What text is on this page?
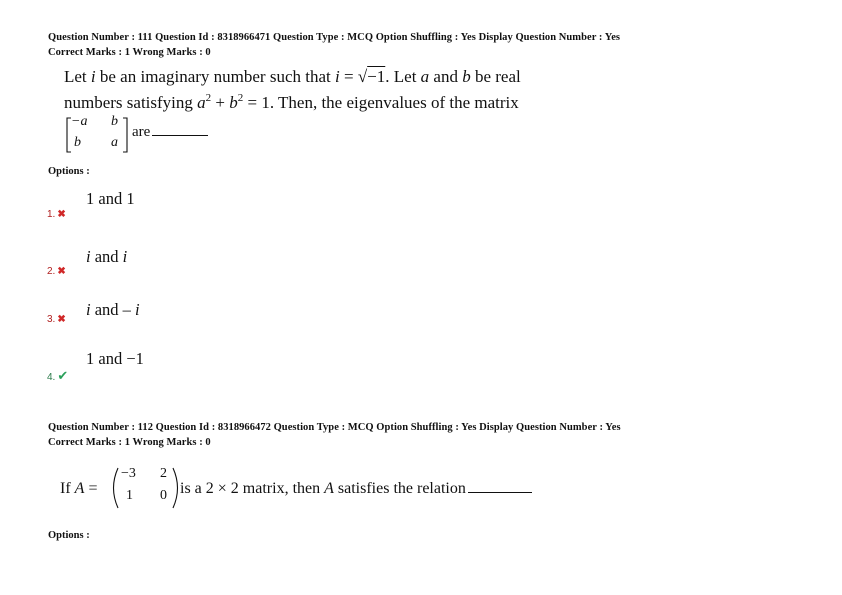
Question Number : 111 Question Id : 8318966471 Question Type : MCQ Option Shuffling : Yes Display Question Number : Yes
Correct Marks : 1 Wrong Marks : 0
Let i be an imaginary number such that i = √−1. Let a and b be real
numbers satisfying $a^2 + b^2 = 1$. Then, the eigenvalues of the matrix
−a b
b a
are
Options :
1 and 1
1. ✖
i and i
2. ✖
i and – i
3. ✖
1 and −1
4. ✔
Question Number : 112 Question Id : 8318966472 Question Type : MCQ Option Shuffling : Yes Display Question Number : Yes
Correct Marks : 1 Wrong Marks : 0
If A =
−3 2
1 0 is a 2 × 2 matrix, then A satisfies the relation
Options :
